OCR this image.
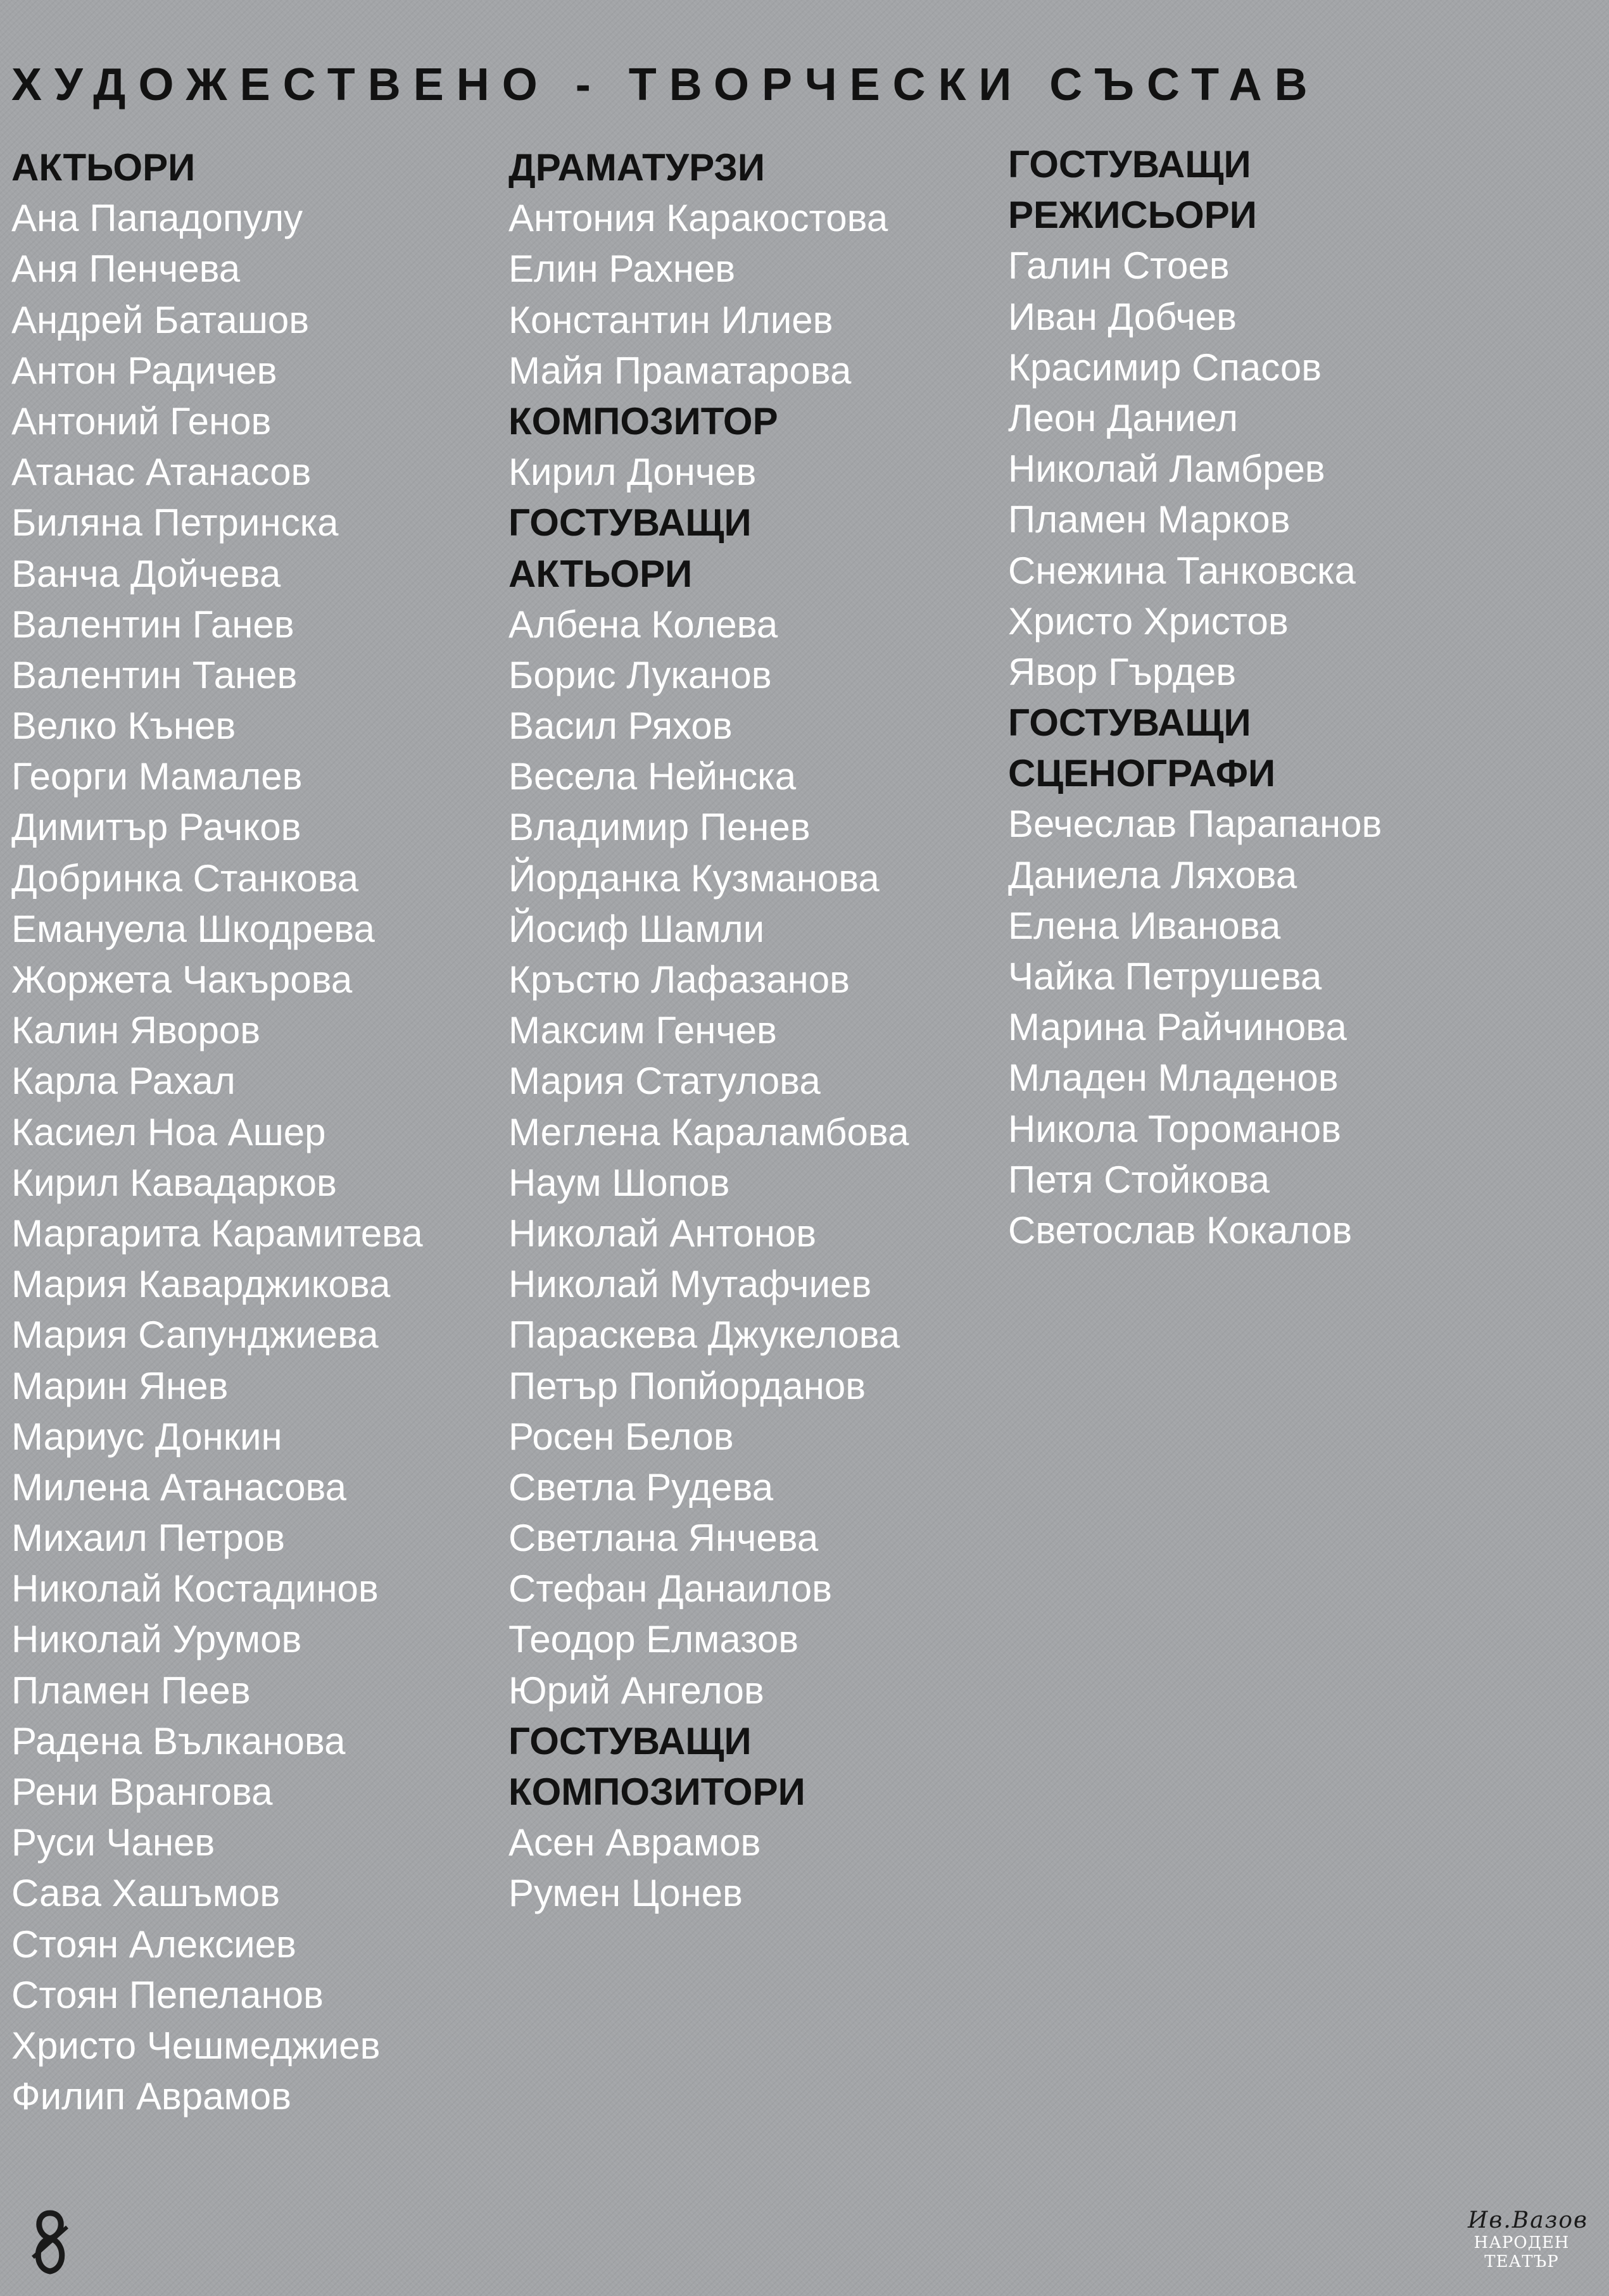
ХУДОЖЕСТВЕНО - ТВОРЧЕСКИ СЪСТАВ
АКТЬОРИ
Ана Пападопулу
Аня Пенчева
Андрей Баташов
Антон Радичев
Антоний Генов
Атанас Атанасов
Биляна Петринска
Ванча Дойчева
Валентин Ганев
Валентин Танев
Велко Кънев
Георги Мамалев
Димитър Рачков
Добринка Станкова
Емануела Шкодрева
Жоржета Чакърова
Калин Яворов
Карла Рахал
Касиел Ноа Ашер
Кирил Кавадарков
Маргарита Карамитева
Мария Каварджикова
Мария Сапунджиева
Марин Янев
Мариус Донкин
Милена Атанасова
Михаил Петров
Николай Костадинов
Николай Урумов
Пламен Пеев
Радена Вълканова
Рени Врангова
Руси Чанев
Сава Хашъмов
Стоян Алексиев
Стоян Пепеланов
Христо Чешмеджиев
Филип Аврамов
ДРАМАТУРЗИ
Антония Каракостова
Елин Рахнев
Константин Илиев
Майя Праматарова
КОМПОЗИТОР
Кирил Дончев
ГОСТУВАЩИ
АКТЬОРИ
Албена Колева
Борис Луканов
Васил Ряхов
Весела Нейнска
Владимир Пенев
Йорданка Кузманова
Йосиф Шамли
Кръстю Лафазанов
Максим Генчев
Мария Статулова
Меглена Караламбова
Наум Шопов
Николай Антонов
Николай Мутафчиев
Параскева Джукелова
Петър Попйорданов
Росен Белов
Светла Рудева
Светлана Янчева
Стефан Данаилов
Теодор Елмазов
Юрий Ангелов
ГОСТУВАЩИ
КОМПОЗИТОРИ
Асен Аврамов
Румен Цонев
ГОСТУВАЩИ
РЕЖИСЬОРИ
Галин Стоев
Иван Добчев
Красимир Спасов
Леон Даниел
Николай Ламбрев
Пламен Марков
Снежина Танковска
Христо Христов
Явор Гърдев
ГОСТУВАЩИ
СЦЕНОГРАФИ
Вечеслав Парапанов
Даниела Ляхова
Елена Иванова
Чайка Петрушева
Марина Райчинова
Младен Младенов
Никола Тороманов
Петя Стойкова
Светослав Кокалов
Ив.Вазов
НАРОДЕН
ТЕАТЪР
